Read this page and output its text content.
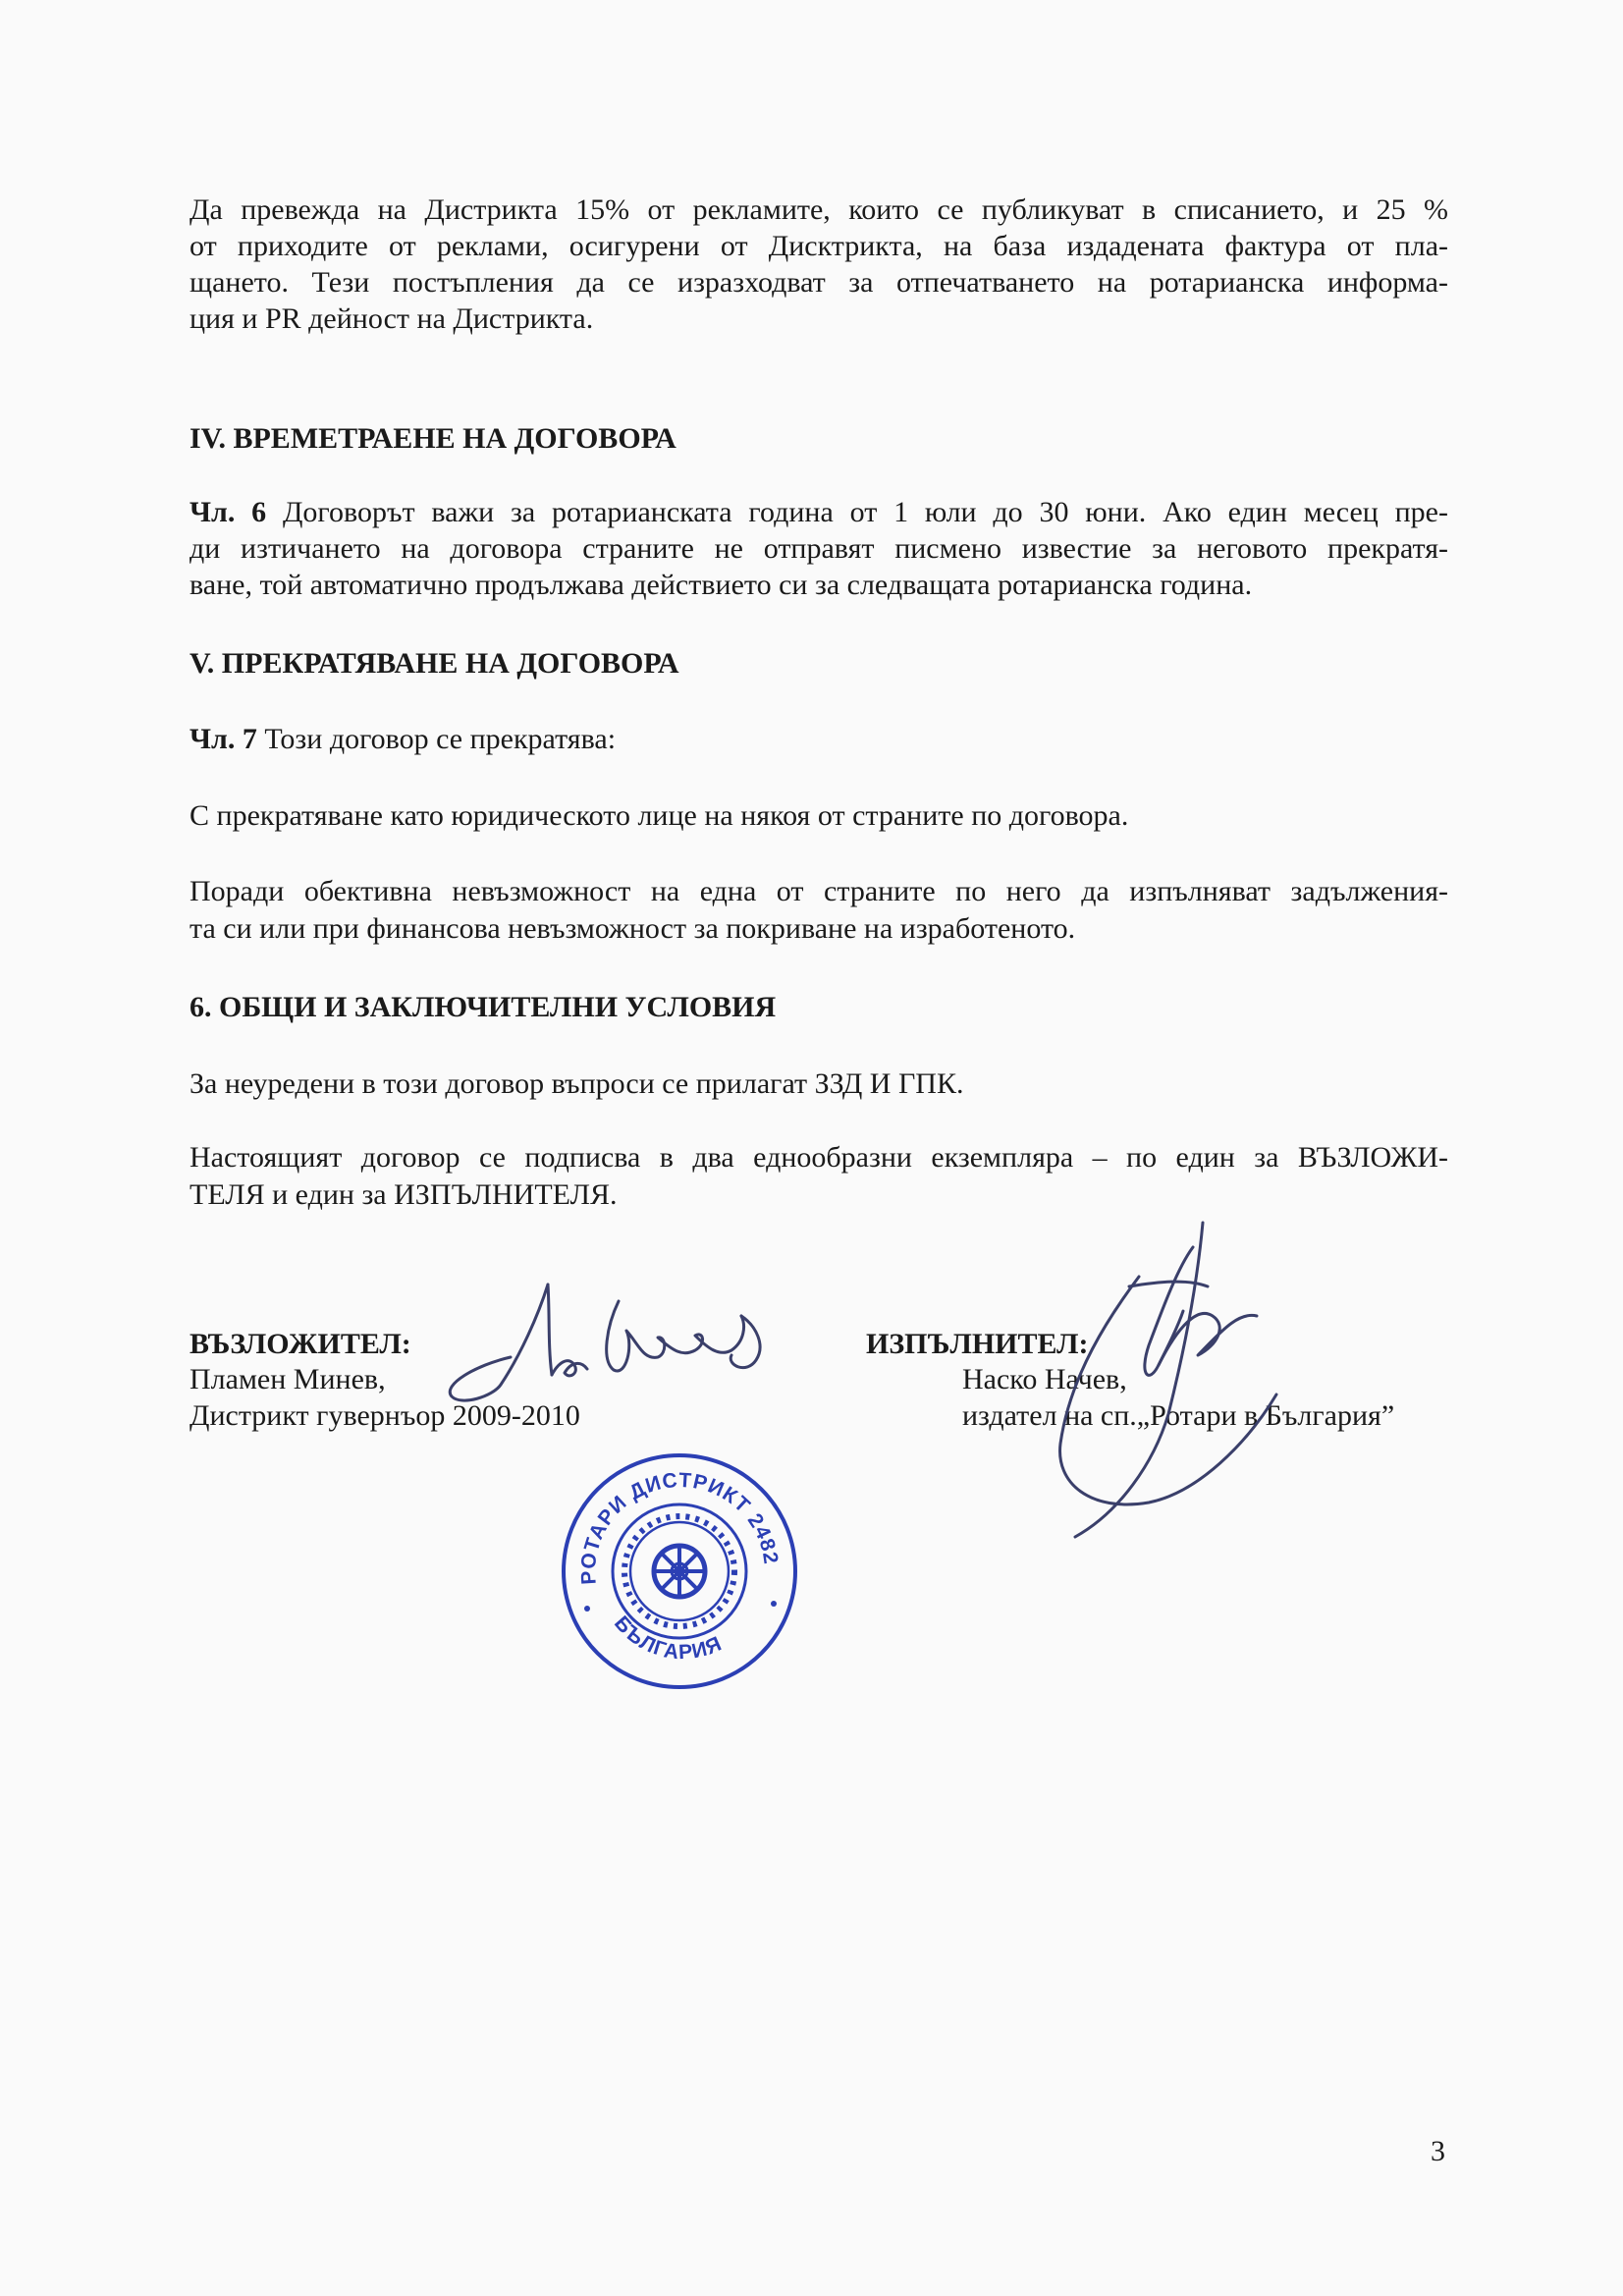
Да превежда на Дистрикта 15% от рекламите, които се публикуват в списанието, и 25 %

от приходите от реклами, осигурени от Дисктрикта, на база издадената фактура от пла-

щането. Тези постъпления да се изразходват за отпечатването на ротарианска информа-

ция и PR дейност на Дистрикта.

IV. ВРЕМЕТРАЕНЕ НА ДОГОВОРА

Чл. 6 Договорът важи за ротарианската година от 1 юли до 30 юни. Ако един месец пре-

ди изтичането на договора страните не отправят писмено известие за неговото прекратя-

ване, той автоматично продължава действието си за следващата ротарианска година.

V. ПРЕКРАТЯВАНЕ НА ДОГОВОРА

Чл. 7 Този договор се прекратява:

С прекратяване като юридическото лице на някоя от страните по договора.

Поради обективна невъзможност на една от страните по него да изпълняват задължения-

та си или при финансова невъзможност за покриване на изработеното.

6. ОБЩИ И ЗАКЛЮЧИТЕЛНИ УСЛОВИЯ

За неуредени в този договор въпроси се прилагат ЗЗД И ГПК.

Настоящият договор се подписва в два еднообразни екземпляра – по един за ВЪЗЛОЖИ-

ТЕЛЯ и един за ИЗПЪЛНИТЕЛЯ.

ВЪЗЛОЖИТЕЛ:

Пламен Минев,

Дистрикт гувернъор 2009-2010

ИЗПЪЛНИТЕЛ:

Наско Начев,

издател на сп.„Ротари в България”

РОТАРИ ДИСТРИКТ 2482
БЪЛГАРИЯ
3
